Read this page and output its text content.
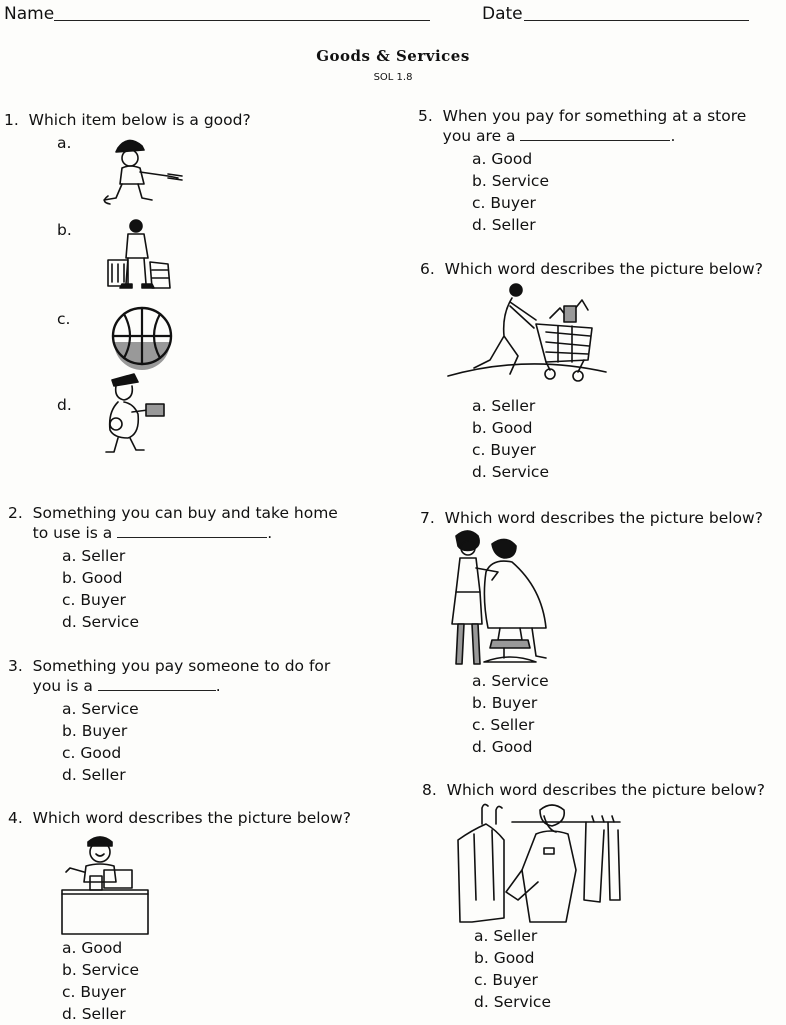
Name	Date
Goods & Services
SOL 1.8
1. Which item below is a good?
a.
b.
c.
d.
2. Something you can buy and take home
to use is a	.
a. Seller
b. Good
c. Buyer
d. Service
3. Something you pay someone to do for
you is a	.
a. Service
b. Buyer
c. Good
d. Seller
4. Which word describes the picture below?
a. Good
b. Service
c. Buyer
d. Seller
5. When you pay for something at a store
you are a	.
a. Good
b. Service
c. Buyer
d. Seller
6. Which word describes the picture below?
a. Seller
b. Good
c. Buyer
d. Service
7. Which word describes the picture below?
a. Service
b. Buyer
c. Seller
d. Good
8. Which word describes the picture below?
a. Seller
b. Good
c. Buyer
d. Service
